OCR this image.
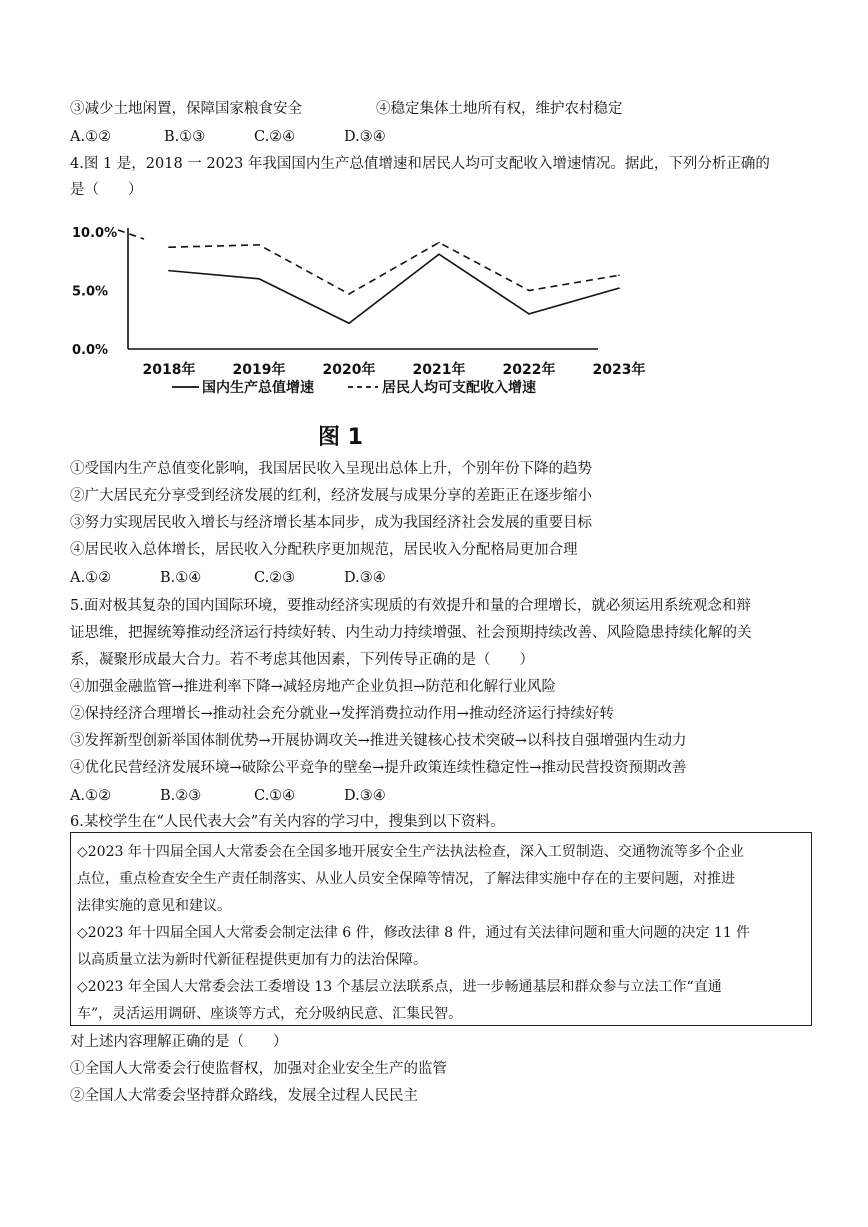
③减少土地闲置，保障国家粮食安全	④稳定集体土地所有权，维护农村稳定
A.①②	B.①③	C.②④	D.③④
4.图 1 是，2018 一 2023 年我国国内生产总值增速和居民人均可支配收入增速情况。据此，下列分析正确的
是（　　）
0.0%
5.0%
10.0%
2018年	2019年	2020年	2021年	2022年	2023年
国内生产总值增速	居民人均可支配收入增速
图 1
①受国内生产总值变化影响，我国居民收入呈现出总体上升，个别年份下降的趋势
②广大居民充分享受到经济发展的红利，经济发展与成果分享的差距正在逐步缩小
③努力实现居民收入增长与经济增长基本同步，成为我国经济社会发展的重要目标
④居民收入总体增长，居民收入分配秩序更加规范，居民收入分配格局更加合理
A.①②	B.①④	C.②③	D.③④
5.面对极其复杂的国内国际环境，要推动经济实现质的有效提升和量的合理增长，就必须运用系统观念和辩
证思维，把握统筹推动经济运行持续好转、内生动力持续增强、社会预期持续改善、风险隐患持续化解的关
系，凝聚形成最大合力。若不考虑其他因素，下列传导正确的是（　　）
④加强金融监管→推进利率下降→减轻房地产企业负担→防范和化解行业风险
②保持经济合理增长→推动社会充分就业→发挥消费拉动作用→推动经济运行持续好转
③发挥新型创新举国体制优势→开展协调攻关→推进关键核心技术突破→以科技自强增强内生动力
④优化民营经济发展环境→破除公平竞争的壁垒→提升政策连续性稳定性→推动民营投资预期改善
A.①②	B.②③	C.①④	D.③④
6.某校学生在“人民代表大会”有关内容的学习中，搜集到以下资料。
◇2023 年十四届全国人大常委会在全国多地开展安全生产法执法检查，深入工贸制造、交通物流等多个企业
点位，重点检查安全生产责任制落实、从业人员安全保障等情况，了解法律实施中存在的主要问题，对推进
法律实施的意见和建议。
◇2023 年十四届全国人大常委会制定法律 6 件，修改法律 8 件，通过有关法律问题和重大问题的决定 11 件
以高质量立法为新时代新征程提供更加有力的法治保障。
◇2023 年全国人大常委会法工委增设 13 个基层立法联系点，进一步畅通基层和群众参与立法工作“直通
车”，灵活运用调研、座谈等方式，充分吸纳民意、汇集民智。
对上述内容理解正确的是（　　）
①全国人大常委会行使监督权，加强对企业安全生产的监管
②全国人大常委会坚持群众路线，发展全过程人民民主
